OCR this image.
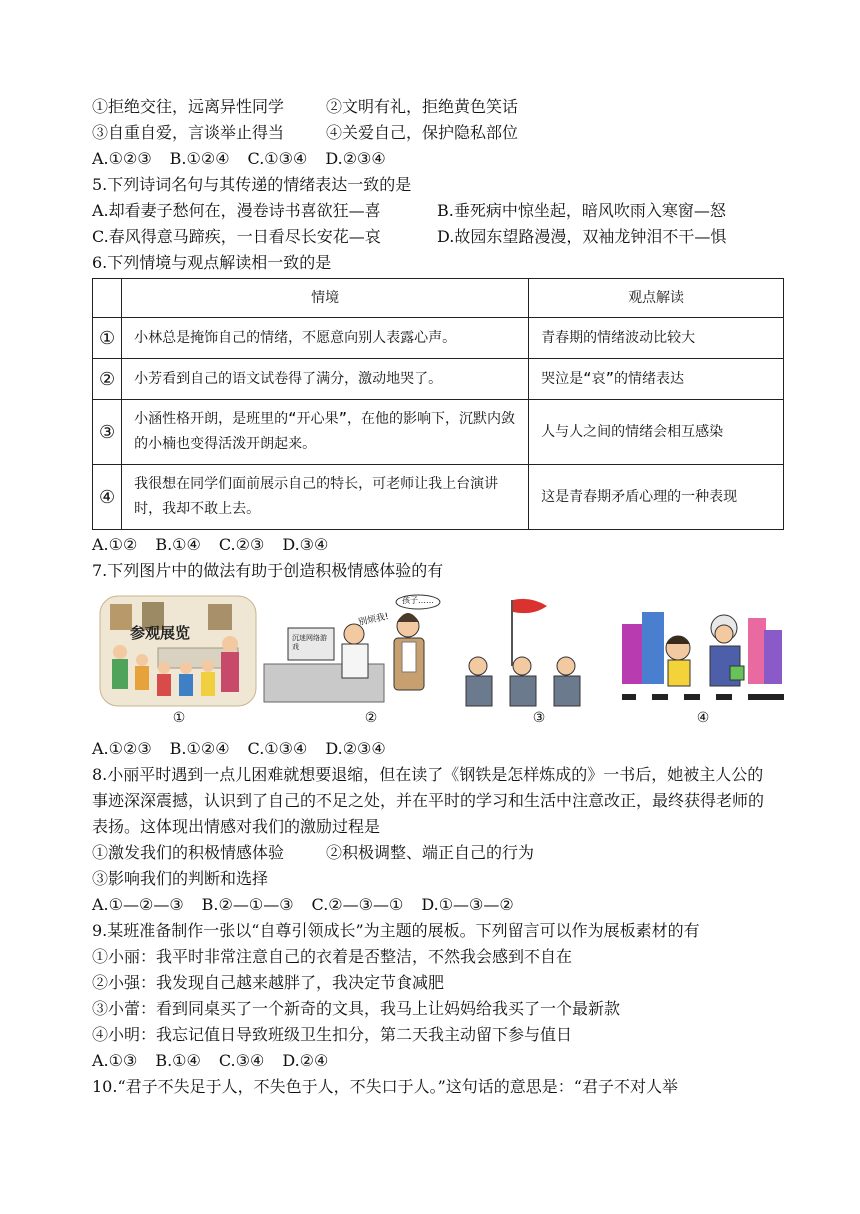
①拒绝交往，远离异性同学	②文明有礼，拒绝黄色笑话
③自重自爱，言谈举止得当	④关爱自己，保护隐私部位
A.①②③ B.①②④ C.①③④ D.②③④
5.下列诗词名句与其传递的情绪表达一致的是
A.却看妻子愁何在，漫卷诗书喜欲狂—喜	B.垂死病中惊坐起，暗风吹雨入寒窗—怒
C.春风得意马蹄疾，一日看尽长安花—哀	D.故园东望路漫漫，双袖龙钟泪不干—惧
6.下列情境与观点解读相一致的是
	情境	观点解读
①	小林总是掩饰自己的情绪，不愿意向别人表露心声。	青春期的情绪波动比较大
②	小芳看到自己的语文试卷得了满分，激动地哭了。	哭泣是“哀”的情绪表达
③	小涵性格开朗，是班里的“开心果”，在他的影响下，沉默内敛的小楠也变得活泼开朗起来。	人与人之间的情绪会相互感染
④	我很想在同学们面前展示自己的特长，可老师让我上台演讲时，我却不敢上去。	这是青春期矛盾心理的一种表现
A.①② B.①④ C.②③ D.③④
7.下列图片中的做法有助于创造积极情感体验的有
参观展览
孩子……
别烦我!
沉迷网络游戏
①	②	③	④
A.①②③ B.①②④ C.①③④ D.②③④
8.小丽平时遇到一点儿困难就想要退缩，但在读了《钢铁是怎样炼成的》一书后，她被主人公的事迹深深震撼，认识到了自己的不足之处，并在平时的学习和生活中注意改正，最终获得老师的表扬。这体现出情感对我们的激励过程是
①激发我们的积极情感体验	②积极调整、端正自己的行为
③影响我们的判断和选择
A.①—②—③ B.②—①—③ C.②—③—① D.①—③—②
9.某班准备制作一张以“自尊引领成长”为主题的展板。下列留言可以作为展板素材的有
①小丽：我平时非常注意自己的衣着是否整洁，不然我会感到不自在
②小强：我发现自己越来越胖了，我决定节食减肥
③小蕾：看到同桌买了一个新奇的文具，我马上让妈妈给我买了一个最新款
④小明：我忘记值日导致班级卫生扣分，第二天我主动留下参与值日
A.①③ B.①④ C.③④ D.②④
10.“君子不失足于人，不失色于人，不失口于人。”这句话的意思是：“君子不对人举
